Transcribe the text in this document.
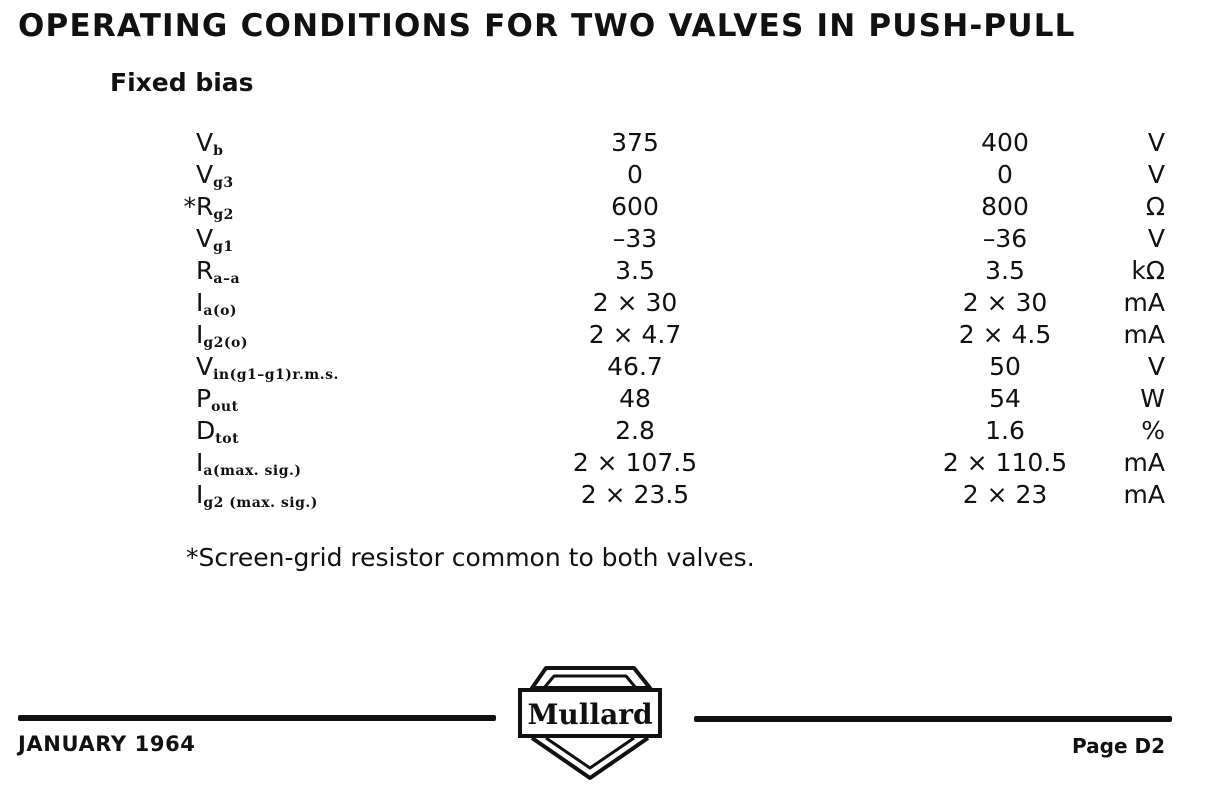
OPERATING CONDITIONS FOR TWO VALVES IN PUSH-PULL
Fixed bias
$V_b$	375	400	V
$V_{g3}$	0	0	V
* $R_{g2}$	600	800	Ω
$V_{g1}$	–33	–36	V
$R_{a-a}$	3.5	3.5	kΩ
$I_{a(o)}$	2 × 30	2 × 30	mA
$I_{g2(o)}$	2 × 4.7	2 × 4.5	mA
$V_{in(g1-g1)r.m.s.}$	46.7	50	V
$P_{out}$	48	54	W
$D_{tot}$	2.8	1.6	%
$I_{a(max. sig.)}$	2 × 107.5	2 × 110.5	mA
$I_{g2 (max. sig.)}$	2 × 23.5	2 × 23	mA
*Screen-grid resistor common to both valves.
JANUARY 1964
Mullard
Page D2
